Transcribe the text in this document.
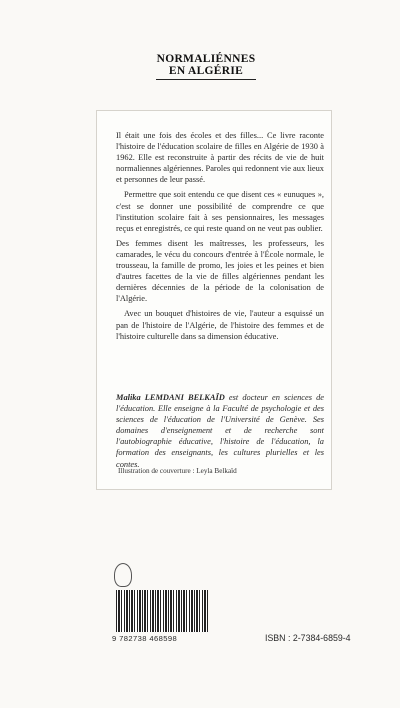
NORMALIÉNNES
EN ALGÉRIE

Il était une fois des écoles et des filles... Ce livre raconte l'histoire de l'éducation scolaire de filles en Algérie de 1930 à 1962. Elle est reconstruite à partir des récits de vie de huit normaliennes algériennes. Paroles qui redonnent vie aux lieux et personnes de leur passé.

Permettre que soit entendu ce que disent ces « eunuques », c'est se donner une possibilité de comprendre ce que l'institution scolaire fait à ses pensionnaires, les messages reçus et enregistrés, ce qui reste quand on ne veut pas oublier.

Des femmes disent les maîtresses, les professeurs, les camarades, le vécu du concours d'entrée à l'École normale, le trousseau, la famille de promo, les joies et les peines et bien d'autres facettes de la vie de filles algériennes pendant les dernières décennies de la période de la colonisation de l'Algérie.

Avec un bouquet d'histoires de vie, l'auteur a esquissé un pan de l'histoire de l'Algérie, de l'histoire des femmes et de l'histoire culturelle dans sa dimension éducative.

Malika LEMDANI BELKAÏD est docteur en sciences de l'éducation. Elle enseigne à la Faculté de psychologie et des sciences de l'éducation de l'Université de Genève. Ses domaines d'enseignement et de recherche sont l'autobiographie éducative, l'histoire de l'éducation, la formation des enseignants, les cultures plurielles et les contes.
Illustration de couverture : Leyla Belkaïd
9 782738 468598	ISBN : 2-7384-6859-4
